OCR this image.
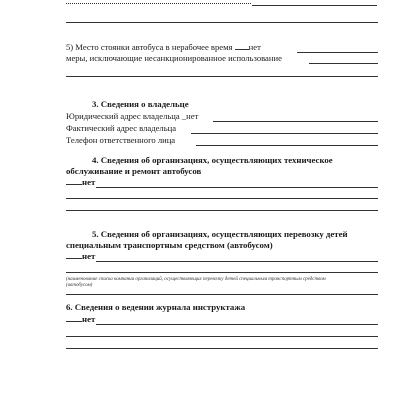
5) Место стоянки автобуса в нерабочее время нет
меры, исключающие несанкционированное использование
3. Сведения о владельце
Юридический адрес владельца _нет
Фактический адрес владельца
Телефон ответственного лица
4. Сведения об организациях, осуществляющих техническое
обслуживание и ремонт автобусов
нет
5. Сведения об организациях, осуществляющих перевозку детей
специальным транспортным средством (автобусом)
нет
(наименование списка компании организаций, осуществляющих перевозку детей специальным транспортным средством
(автобусом)
6. Сведения о ведении журнала инструктажа
нет
